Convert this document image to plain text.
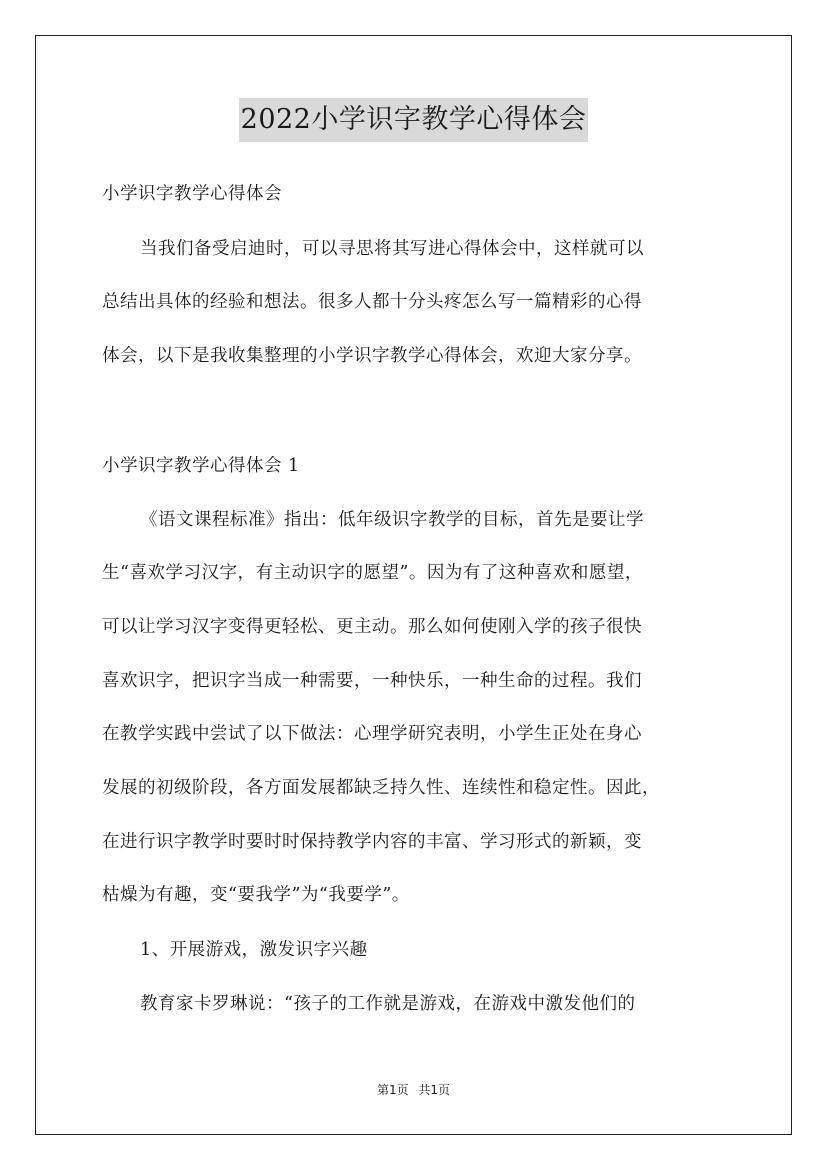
2022小学识字教学心得体会
小学识字教学心得体会
当我们备受启迪时，可以寻思将其写进心得体会中，这样就可以
总结出具体的经验和想法。很多人都十分头疼怎么写一篇精彩的心得
体会，以下是我收集整理的小学识字教学心得体会，欢迎大家分享。
小学识字教学心得体会 1
《语文课程标准》指出：低年级识字教学的目标，首先是要让学
生“喜欢学习汉字，有主动识字的愿望”。因为有了这种喜欢和愿望，
可以让学习汉字变得更轻松、更主动。那么如何使刚入学的孩子很快
喜欢识字，把识字当成一种需要，一种快乐，一种生命的过程。我们
在教学实践中尝试了以下做法：心理学研究表明，小学生正处在身心
发展的初级阶段，各方面发展都缺乏持久性、连续性和稳定性。因此，
在进行识字教学时要时时保持教学内容的丰富、学习形式的新颖，变
枯燥为有趣，变“要我学”为“我要学”。
1、开展游戏，激发识字兴趣
教育家卡罗琳说：“孩子的工作就是游戏，在游戏中激发他们的
第1页 共1页
